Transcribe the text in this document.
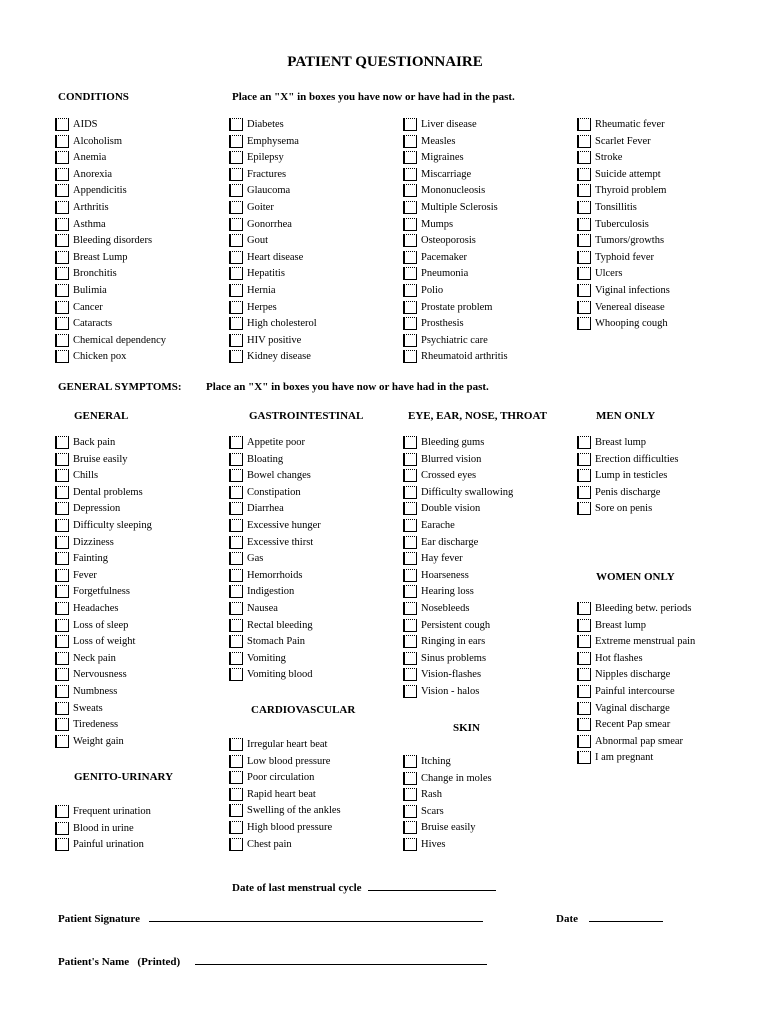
PATIENT QUESTIONNAIRE
CONDITIONS	Place an "X" in boxes you have now or have had in the past.
AIDS
Alcoholism
Anemia
Anorexia
Appendicitis
Arthritis
Asthma
Bleeding disorders
Breast Lump
Bronchitis
Bulimia
Cancer
Cataracts
Chemical dependency
Chicken pox
Diabetes
Emphysema
Epilepsy
Fractures
Glaucoma
Goiter
Gonorrhea
Gout
Heart disease
Hepatitis
Hernia
Herpes
High cholesterol
HIV positive
Kidney disease
Liver disease
Measles
Migraines
Miscarriage
Mononucleosis
Multiple Sclerosis
Mumps
Osteoporosis
Pacemaker
Pneumonia
Polio
Prostate problem
Prosthesis
Psychiatric care
Rheumatoid arthritis
Rheumatic fever
Scarlet Fever
Stroke
Suicide attempt
Thyroid problem
Tonsillitis
Tuberculosis
Tumors/growths
Typhoid fever
Ulcers
Viginal infections
Venereal disease
Whooping cough
GENERAL SYMPTOMS: Place an "X" in boxes you have now or have had in the past.
GENERAL	GASTROINTESTINAL	EYE, EAR, NOSE, THROAT	MEN ONLY
Back pain
Bruise easily
Chills
Dental problems
Depression
Difficulty sleeping
Dizziness
Fainting
Fever
Forgetfulness
Headaches
Loss of sleep
Loss of weight
Neck pain
Nervousness
Numbness
Sweats
Tiredeness
Weight gain
Appetite poor
Bloating
Bowel changes
Constipation
Diarrhea
Excessive hunger
Excessive thirst
Gas
Hemorrhoids
Indigestion
Nausea
Rectal bleeding
Stomach Pain
Vomiting
Vomiting blood
Bleeding gums
Blurred vision
Crossed eyes
Difficulty swallowing
Double vision
Earache
Ear discharge
Hay fever
Hoarseness
Hearing loss
Nosebleeds
Persistent cough
Ringing in ears
Sinus problems
Vision-flashes
Vision - halos
Breast lump
Erection difficulties
Lump in testicles
Penis discharge
Sore on penis
WOMEN ONLY
Bleeding betw. periods
Breast lump
Extreme menstrual pain
Hot flashes
Nipples discharge
Painful intercourse
Vaginal discharge
Recent Pap smear
Abnormal pap smear
I am pregnant
CARDIOVASCULAR
Irregular heart beat
Low blood pressure
Poor circulation
Rapid heart beat
Swelling of the ankles
High blood pressure
Chest pain
SKIN
Itching
Change in moles
Rash
Scars
Bruise easily
Hives
GENITO-URINARY
Frequent urination
Blood in urine
Painful urination
Date of last menstrual cycle
Patient Signature	Date
Patient's Name   (Printed)
